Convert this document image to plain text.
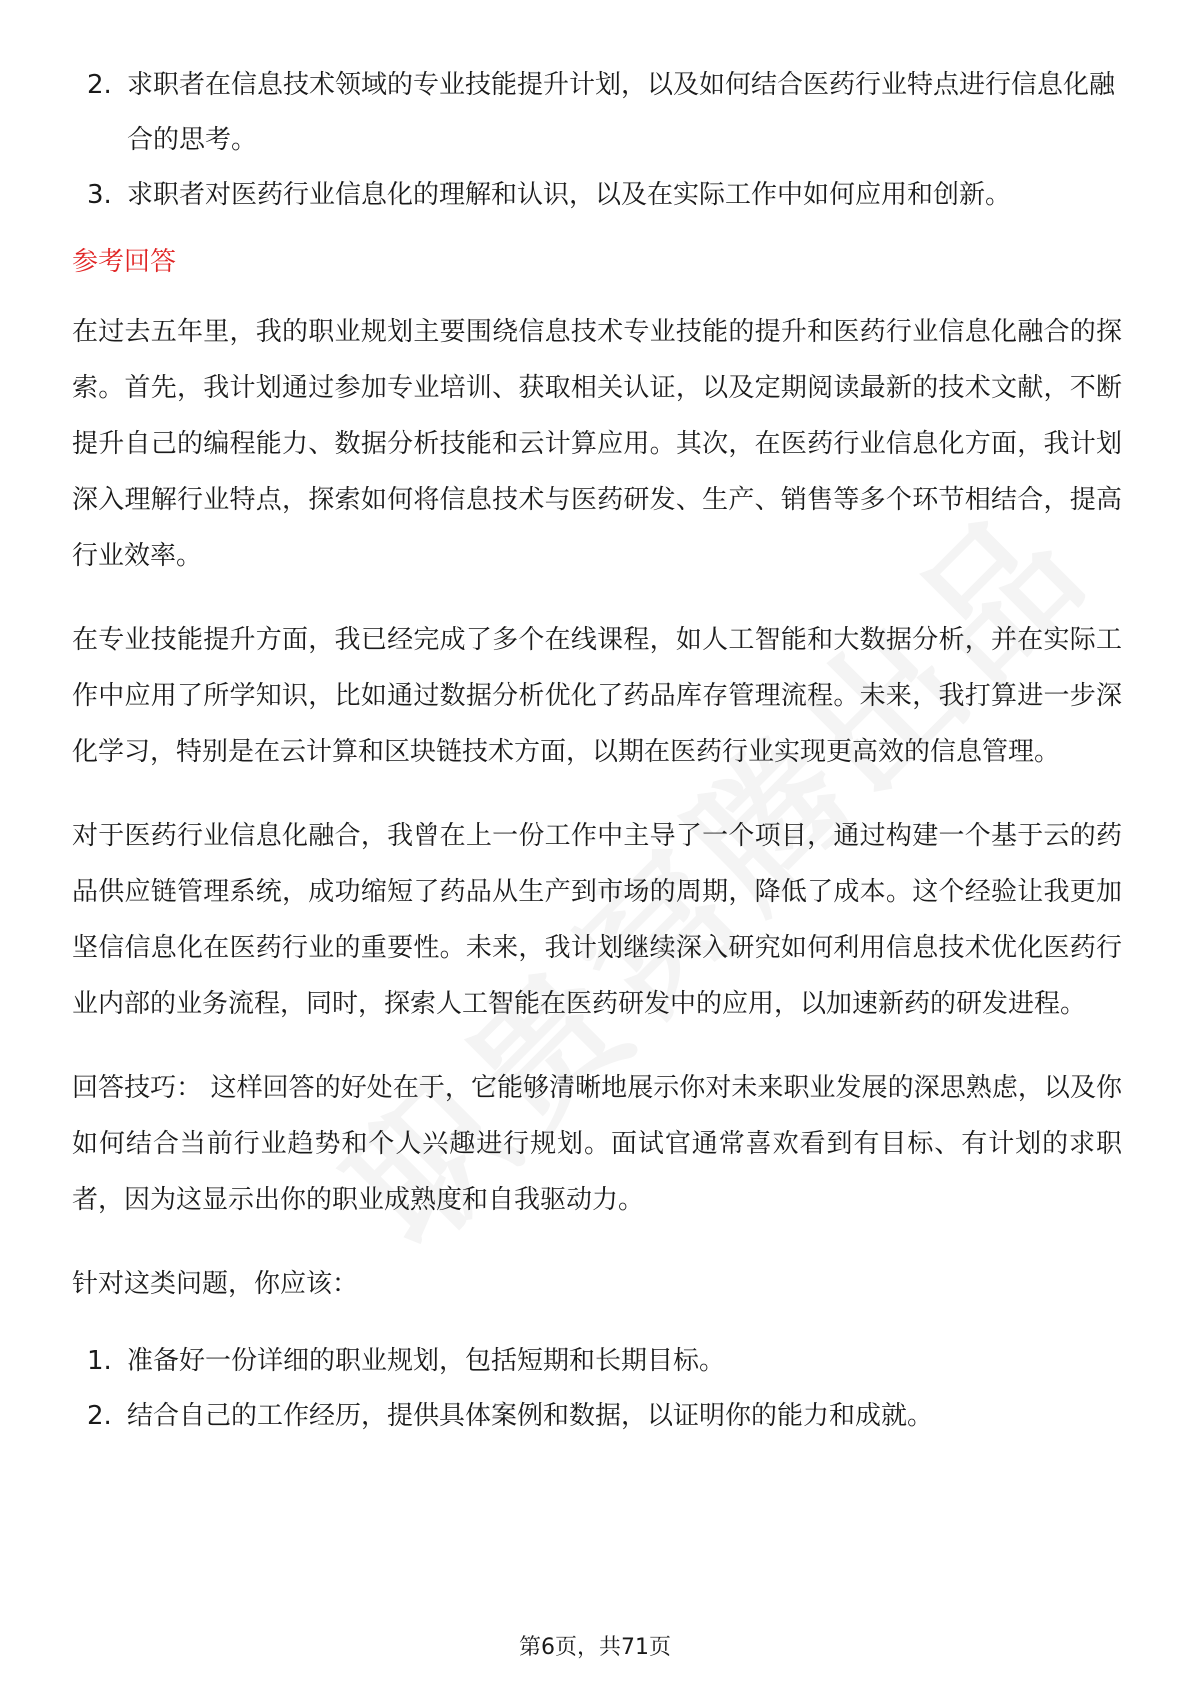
2. 求职者在信息技术领域的专业技能提升计划，以及如何结合医药行业特点进行信息化融合的思考。
3. 求职者对医药行业信息化的理解和认识，以及在实际工作中如何应用和创新。
参考回答

在过去五年里，我的职业规划主要围绕信息技术专业技能的提升和医药行业信息化融合的探索。首先，我计划通过参加专业培训、获取相关认证，以及定期阅读最新的技术文献，不断提升自己的编程能力、数据分析技能和云计算应用。其次，在医药行业信息化方面，我计划深入理解行业特点，探索如何将信息技术与医药研发、生产、销售等多个环节相结合，提高行业效率。

在专业技能提升方面，我已经完成了多个在线课程，如人工智能和大数据分析，并在实际工作中应用了所学知识，比如通过数据分析优化了药品库存管理流程。未来，我打算进一步深化学习，特别是在云计算和区块链技术方面，以期在医药行业实现更高效的信息管理。

对于医药行业信息化融合，我曾在上一份工作中主导了一个项目，通过构建一个基于云的药品供应链管理系统，成功缩短了药品从生产到市场的周期，降低了成本。这个经验让我更加坚信信息化在医药行业的重要性。未来，我计划继续深入研究如何利用信息技术优化医药行业内部的业务流程，同时，探索人工智能在医药研发中的应用，以加速新药的研发进程。

回答技巧： 这样回答的好处在于，它能够清晰地展示你对未来职业发展的深思熟虑，以及你如何结合当前行业趋势和个人兴趣进行规划。面试官通常喜欢看到有目标、有计划的求职者，因为这显示出你的职业成熟度和自我驱动力。

针对这类问题，你应该：

1. 准备好一份详细的职业规划，包括短期和长期目标。
2. 结合自己的工作经历，提供具体案例和数据，以证明你的能力和成就。
第6页，共71页
